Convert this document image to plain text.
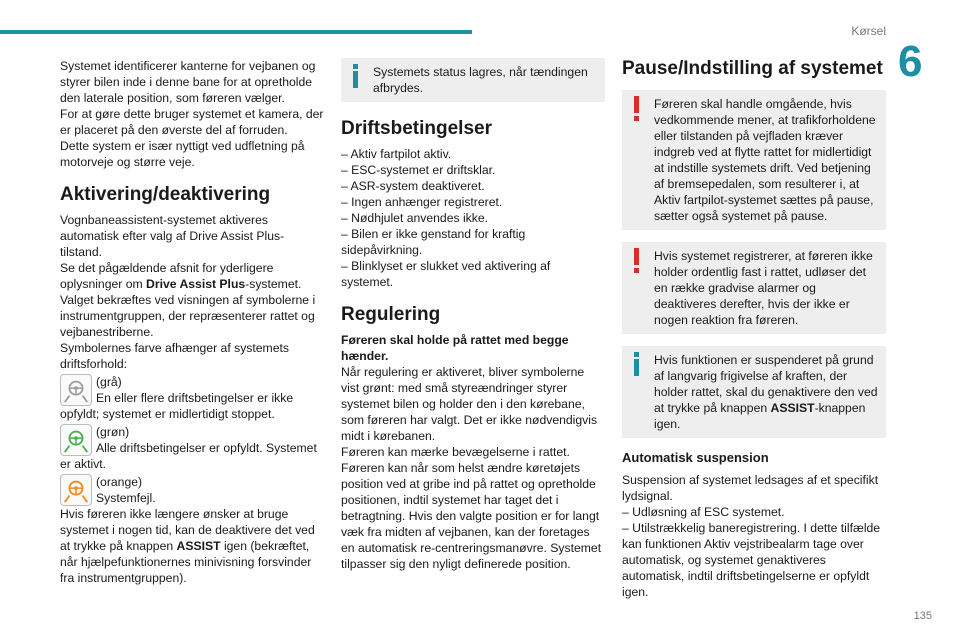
Kørsel
6
135

Systemet identificerer kanterne for vejbanen og styrer bilen inde i denne bane for at opretholde den laterale position, som føreren vælger.

For at gøre dette bruger systemet et kamera, der er placeret på den øverste del af forruden.

Dette system er især nyttigt ved udfletning på motorveje og større veje.

Aktivering/deaktivering

Vognbaneassistent-systemet aktiveres automatisk efter valg af Drive Assist Plus-tilstand.

Se det pågældende afsnit for yderligere oplysninger om Drive Assist Plus-systemet.

Valget bekræftes ved visningen af symbolerne i instrumentgruppen, der repræsenterer rattet og vejbanestriberne.

Symbolernes farve afhænger af systemets driftsforhold:

(grå)

En eller flere driftsbetingelser er ikke opfyldt; systemet er midlertidigt stoppet.

(grøn)

Alle driftsbetingelser er opfyldt. Systemet er aktivt.

(orange)
Systemfejl.

Hvis føreren ikke længere ønsker at bruge systemet i nogen tid, kan de deaktivere det ved at trykke på knappen ASSIST igen (bekræftet, når hjælpefunktionernes minivisning forsvinder fra instrumentgruppen).

Systemets status lagres, når tændingen afbrydes.
Driftsbetingelser

– Aktiv fartpilot aktiv.

– ESC-systemet er driftsklar.

– ASR-system deaktiveret.

– Ingen anhænger registreret.

– Nødhjulet anvendes ikke.

– Bilen er ikke genstand for kraftig sidepåvirkning.

– Blinklyset er slukket ved aktivering af systemet.

Regulering

Føreren skal holde på rattet med begge hænder.

Når regulering er aktiveret, bliver symbolerne vist grønt: med små styreændringer styrer systemet bilen og holder den i den kørebane, som føreren har valgt. Det er ikke nødvendigvis midt i kørebanen.

Føreren kan mærke bevægelserne i rattet.

Føreren kan når som helst ændre køretøjets position ved at gribe ind på rattet og opretholde positionen, indtil systemet har taget det i betragtning. Hvis den valgte position er for langt væk fra midten af vejbanen, kan der foretages en automatisk re-centreringsmanøvre. Systemet tilpasser sig den nyligt definerede position.

Pause/Indstilling af systemet
Føreren skal handle omgående, hvis vedkommende mener, at trafikforholdene eller tilstanden på vejfladen kræver indgreb ved at flytte rattet for midlertidigt at indstille systemets drift. Ved betjening af bremsepedalen, som resulterer i, at Aktiv fartpilot-systemet sættes på pause, sætter også systemet på pause.
Hvis systemet registrerer, at føreren ikke holder ordentlig fast i rattet, udløser det en række gradvise alarmer og deaktiveres derefter, hvis der ikke er nogen reaktion fra føreren.
Hvis funktionen er suspenderet på grund af langvarig frigivelse af kraften, der holder rattet, skal du genaktivere den ved at trykke på knappen ASSIST-knappen igen.
Automatisk suspension

Suspension af systemet ledsages af et specifikt lydsignal.

– Udløsning af ESC systemet.

– Utilstrækkelig baneregistrering. I dette tilfælde kan funktionen Aktiv vejstribealarm tage over automatisk, og systemet genaktiveres automatisk, indtil driftsbetingelserne er opfyldt igen.
